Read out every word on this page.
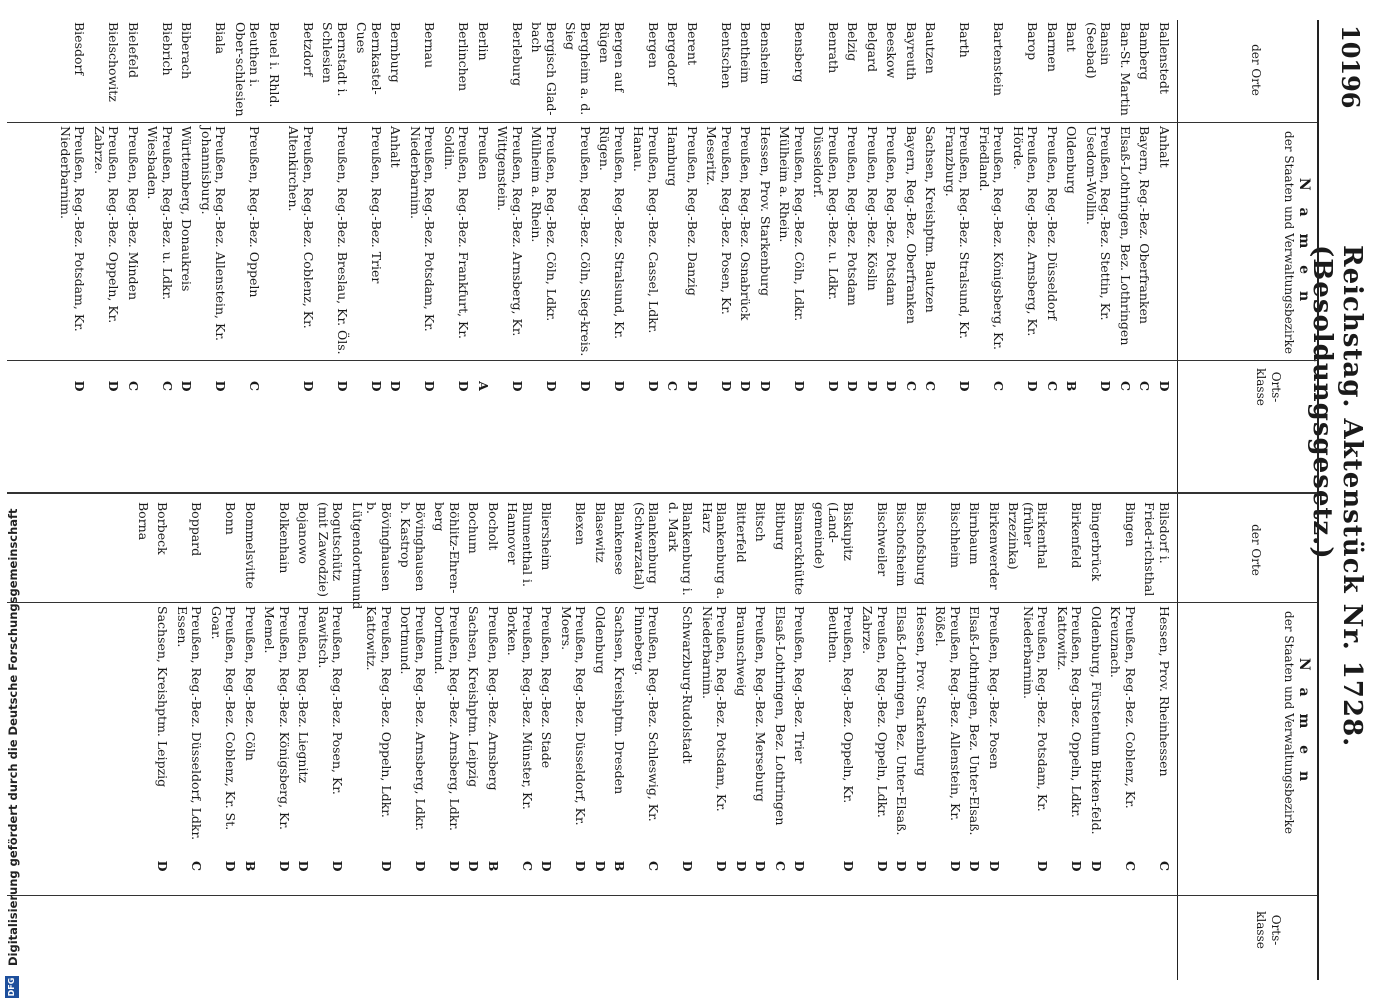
10196
Reichstag. Aktenstück Nr. 1728. (Besoldungsgesetz.)
der Orte
N a m e n
der Staaten und Verwaltungsbezirke
Orts- klasse
der Orte
N a m e n
der Staaten und Verwaltungsbezirke
Orts- klasse
Ballenstedt
Anhalt
D
Bamberg
Bayern, Reg.-Bez. Oberfranken
C
Ban-St. Martin
Elsaß-Lothringen, Bez. Lothringen
C
Bansin (Seebad)
Preußen, Reg.-Bez. Stettin, Kr. Usedom-Wollin.
D
Bant
Oldenburg
B
Barmen
Preußen, Reg.-Bez. Düsseldorf
C
Barop
Preußen, Reg.-Bez. Arnsberg, Kr. Hörde.
D
Bartenstein
Preußen, Reg.-Bez. Königsberg, Kr. Friedland.
C
Barth
Preußen, Reg.-Bez. Stralsund, Kr. Franzburg.
D
Bautzen
Sachsen, Kreishptm. Bautzen
C
Bayreuth
Bayern, Reg.-Bez. Oberfranken
C
Beeskow
Preußen, Reg.-Bez. Potsdam
D
Belgard
Preußen, Reg.-Bez. Köslin
D
Belzig
Preußen, Reg.-Bez. Potsdam
D
Benrath
Preußen, Reg.-Bez. u. Ldkr. Düsseldorf.
D
Bensberg
Preußen, Reg.-Bez. Cöln, Ldkr. Mülheim a. Rhein.
D
Bensheim
Hessen, Prov. Starkenburg
D
Bentheim
Preußen, Reg.-Bez. Osnabrück
D
Bentschen
Preußen, Reg.-Bez. Posen, Kr. Meseritz.
D
Berent
Preußen, Reg.-Bez. Danzig
D
Bergedorf
Hamburg
C
Bergen
Preußen, Reg.-Bez. Cassel, Ldkr. Hanau.
D
Bergen auf Rügen
Preußen, Reg.-Bez. Stralsund, Kr. Rügen.
D
Bergheim a. d. Sieg
Preußen, Reg.-Bez. Cöln, Sieg-kreis.
D
Bergisch Glad-bach
Preußen, Reg.-Bez. Cöln, Ldkr. Mülheim a. Rhein.
D
Berleburg
Preußen, Reg.-Bez. Arnsberg, Kr. Wittgenstein.
D
Berlin
Preußen
A
Berlinchen
Preußen, Reg.-Bez. Frankfurt, Kr. Soldin.
D
Bernau
Preußen, Reg.-Bez. Potsdam, Kr. Niederbarnim.
D
Bernburg
Anhalt
D
Bernkastel-Cues
Preußen, Reg.-Bez. Trier
D
Bernstadt i. Schlesien
Preußen, Reg.-Bez. Breslau, Kr. Öls.
D
Betzdorf
Preußen, Reg.-Bez. Coblenz, Kr. Altenkirchen.
D
Beuel i. Rhld.
Beuthen i. Ober-schlesien
Preußen, Reg.-Bez. Oppeln
C
Biala
Preußen, Reg.-Bez. Allenstein, Kr. Johannisburg.
D
Biberach
Württemberg, Donaukreis
D
Biebrich
Preußen, Reg.-Bez. u. Ldkr. Wiesbaden.
C
Bielefeld
Preußen, Reg.-Bez. Minden
C
Bielschowitz
Preußen, Reg.-Bez. Oppeln, Kr. Zabrze.
D
Biesdorf
Preußen, Reg.-Bez. Potsdam, Kr. Niederbarnim.
D
Bilsdorf i. Fried-richsthal
Hessen, Prov. Rheinhessen
C
Bingen
Preußen, Reg.-Bez. Coblenz, Kr. Kreuznach.
C
Bingerbrück
Oldenburg, Fürstentum Birken-feld.
D
Birkenfeld
Preußen, Reg.-Bez. Oppeln, Ldkr. Kattowitz.
D
Birkenthal (früher Brzezinka)
Preußen, Reg.-Bez. Potsdam, Kr. Niederbarnim.
D
Birkenwerder
Preußen, Reg.-Bez. Posen
D
Birnbaum
Elsaß-Lothringen, Bez. Unter-Elsaß.
D
Bischheim
Preußen, Reg.-Bez. Allenstein, Kr. Rößel.
D
Bischofsburg
Hessen, Prov. Starkenburg
D
Bischofsheim
Elsaß-Lothringen, Bez. Unter-Elsaß.
D
Bischweiler
Preußen, Reg.-Bez. Oppeln, Ldkr. Zabrze.
D
Biskupitz (Land-gemeinde)
Preußen, Reg.-Bez. Oppeln, Kr. Beuthen.
D
Bismarckhütte
Preußen, Reg.-Bez. Trier
D
Bitburg
Elsaß-Lothringen, Bez. Lothringen
C
Bitsch
Preußen, Reg.-Bez. Merseburg
D
Bitterfeld
Braunschweig
D
Blankenburg a. Harz
Preußen, Reg.-Bez. Potsdam, Kr. Niederbarnim.
D
Blankenburg i. d. Mark
Schwarzburg-Rudolstadt
D
Blankenburg (Schwarzatal)
Preußen, Reg.-Bez. Schleswig, Kr. Pinneberg.
C
Blankenese
Sachsen, Kreishptm. Dresden
B
Blasewitz
Oldenburg
D
Blexen
Preußen, Reg.-Bez. Düsseldorf, Kr. Moers.
D
Bliersheim
Preußen, Reg.-Bez. Stade
D
Blumenthal i. Hannover
Preußen, Reg.-Bez. Münster, Kr. Borken.
C
Bocholt
Preußen, Reg.-Bez. Arnsberg
B
Bochum
Sachsen, Kreishptm. Leipzig
D
Böhlitz-Ehren-berg
Preußen, Reg.-Bez. Arnsberg, Ldkr. Dortmund.
D
Bövinghausen b. Kastrop
Preußen, Reg.-Bez. Arnsberg, Ldkr. Dortmund.
D
Bövinghausen b. Lütgendortmund
Preußen, Reg.-Bez. Oppeln, Ldkr. Kattowitz.
D
Bogutschütz (mit Zawodzie)
Preußen, Reg.-Bez. Posen, Kr. Rawitsch.
D
Bojanowo
Preußen, Reg.-Bez. Liegnitz
D
Bolkenhain
Preußen, Reg.-Bez. Königsberg, Kr. Memel.
D
Bommelsvitte
Preußen, Reg.-Bez. Cöln
B
Bonn
Preußen, Reg.-Bez. Coblenz, Kr. St. Goar.
D
Boppard
Preußen, Reg.-Bez. Düsseldorf, Ldkr. Essen.
C
Borbeck
Sachsen, Kreishptm. Leipzig
D
Borna
DFG
Digitalisierung gefördert durch die Deutsche Forschungsgemeinschaft
